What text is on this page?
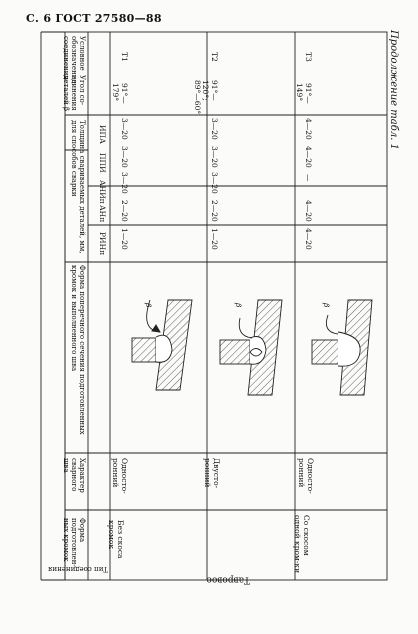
С. 6 ГОСТ 27580—88
Продолжение табл. 1
Форма подготовлен-ных кромок
Характер сварного шва
Форма поперечного сечения подготовленных кромок и выполненного шва
Толщина свариваемых деталей, мм, для способов сварки
Угол со-единения деталей β
Условное обозначение соединения
Тип соединения
Тавровое
РИНп
АНп
АНИп
ППИ
ИПА
Без скоса кромок
Односто-ронний
1—20
2—20
3—20
3—20
3—20
91°—179°
Т1
Двусто-ронний
1—20
2—20
3—20
3—20
3—20
91°—120°; 89°—60°
Т2
Со скосом одной кром-ки
Односто-ронний
4—20
4—20
—
4—20
4—20
91°—149°
Т3
β	β	β
